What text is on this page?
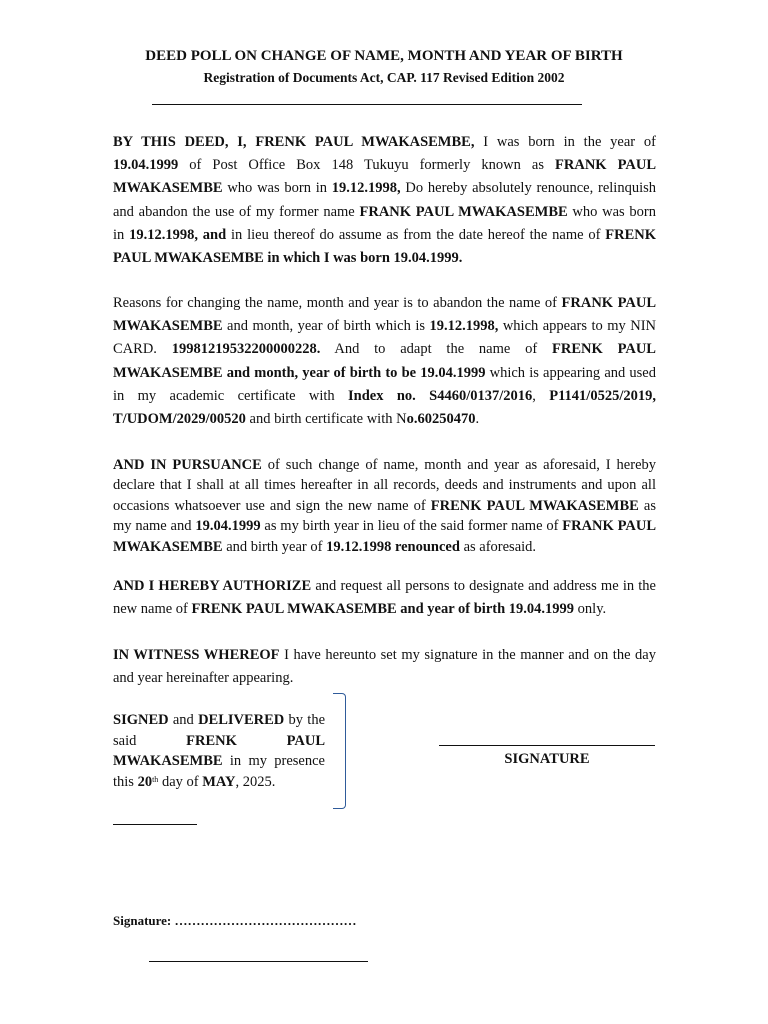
DEED POLL ON CHANGE OF NAME, MONTH AND YEAR OF BIRTH
Registration of Documents Act, CAP. 117 Revised Edition 2002

BY THIS DEED, I, FRENK PAUL MWAKASEMBE, I was born in the year of 19.04.1999 of Post Office Box 148 Tukuyu formerly known as FRANK PAUL MWAKASEMBE who was born in 19.12.1998, Do hereby absolutely renounce, relinquish and abandon the use of my former name FRANK PAUL MWAKASEMBE who was born in 19.12.1998, and in lieu thereof do assume as from the date hereof the name of FRENK PAUL MWAKASEMBE in which I was born 19.04.1999.

Reasons for changing the name, month and year is to abandon the name of FRANK PAUL MWAKASEMBE and month, year of birth which is 19.12.1998, which appears to my NIN CARD. 19981219532200000228. And to adapt the name of FRENK PAUL MWAKASEMBE and month, year of birth to be 19.04.1999 which is appearing and used in my academic certificate with Index no. S4460/0137/2016, P1141/0525/2019, T/UDOM/2029/00520 and birth certificate with No.60250470.

AND IN PURSUANCE of such change of name, month and year as aforesaid, I hereby declare that I shall at all times hereafter in all records, deeds and instruments and upon all occasions whatsoever use and sign the new name of FRENK PAUL MWAKASEMBE as my name and 19.04.1999 as my birth year in lieu of the said former name of FRANK PAUL MWAKASEMBE and birth year of 19.12.1998 renounced as aforesaid.

AND I HEREBY AUTHORIZE and request all persons to designate and address me in the new name of FRENK PAUL MWAKASEMBE and year of birth 19.04.1999 only.

IN WITNESS WHEREOF I have hereunto set my signature in the manner and on the day and year hereinafter appearing.

SIGNED and DELIVERED by the said FRENK PAUL MWAKASEMBE in my presence this 20th day of MAY, 2025.

SIGNATURE
Signature: ……………………………………
